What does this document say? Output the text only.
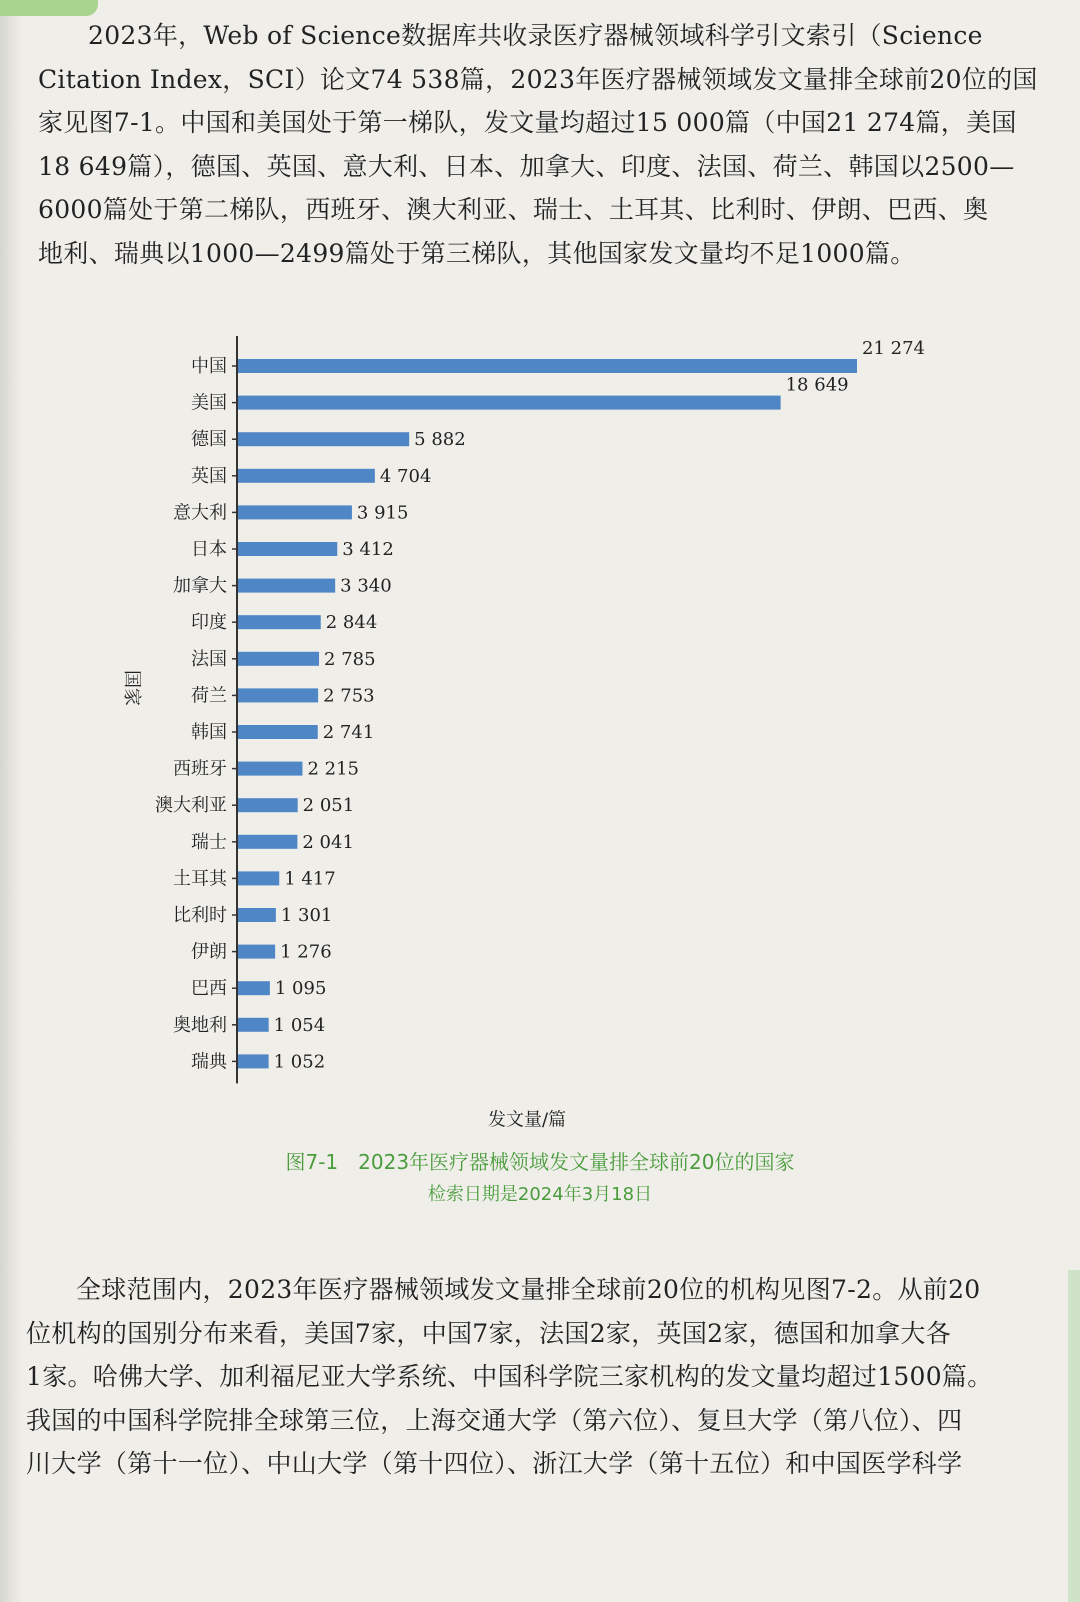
2023年，Web of Science数据库共收录医疗器械领域科学引文索引（Science
Citation Index，SCI）论文74 538篇，2023年医疗器械领域发文量排全球前20位的国
家见图7-1。中国和美国处于第一梯队，发文量均超过15 000篇（中国21 274篇，美国
18 649篇），德国、英国、意大利、日本、加拿大、印度、法国、荷兰、韩国以2500—
6000篇处于第二梯队，西班牙、澳大利亚、瑞士、土耳其、比利时、伊朗、巴西、奥
地利、瑞典以1000—2499篇处于第三梯队，其他国家发文量均不足1000篇。
中国
21 274
美国
18 649
德国	5 882
英国	4 704
意大利	3 915
日本	3 412
加拿大	3 340
印度	2 844
法国	2 785
荷兰	2 753
韩国	2 741
西班牙	2 215
澳大利亚	2 051
瑞士	2 041
土耳其	1 417
比利时	1 301
伊朗	1 276
巴西	1 095
奥地利	1 054
瑞典	1 052
国家
发文量/篇
图7-1　2023年医疗器械领域发文量排全球前20位的国家
检索日期是2024年3月18日
全球范围内，2023年医疗器械领域发文量排全球前20位的机构见图7-2。从前20
位机构的国别分布来看，美国7家，中国7家，法国2家，英国2家，德国和加拿大各
1家。哈佛大学、加利福尼亚大学系统、中国科学院三家机构的发文量均超过1500篇。
我国的中国科学院排全球第三位，上海交通大学（第六位）、复旦大学（第八位）、四
川大学（第十一位）、中山大学（第十四位）、浙江大学（第十五位）和中国医学科学
